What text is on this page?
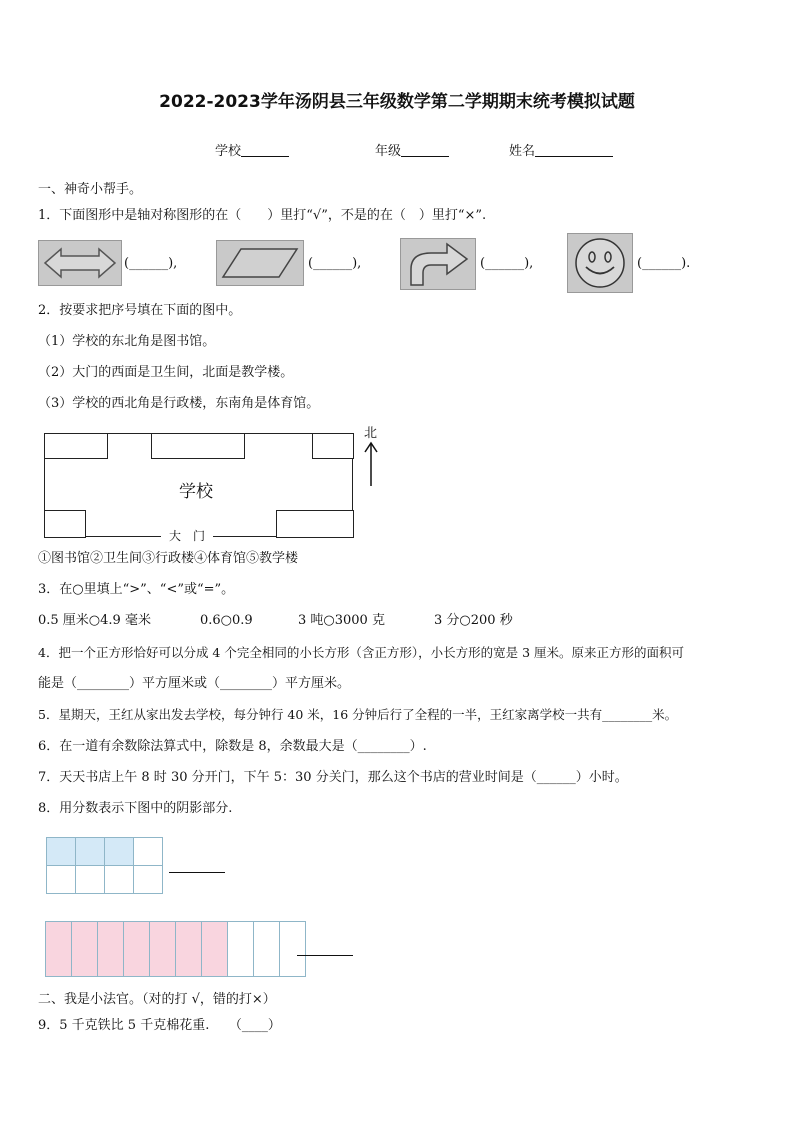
2022-2023学年汤阴县三年级数学第二学期期末统考模拟试题
学校	年级	姓名
一、神奇小帮手。
1．下面图形中是轴对称图形的在（　　）里打“√”，不是的在（　）里打“×”.
(______),	(______),	(______),	(______).
2．按要求把序号填在下面的图中。
（1）学校的东北角是图书馆。
（2）大门的西面是卫生间，北面是教学楼。
（3）学校的西北角是行政楼，东南角是体育馆。
学校
大　门
北
①图书馆②卫生间③行政楼④体育馆⑤教学楼
3．在○里填上“>”、“<”或“=”。
0.5 厘米○4.9 毫米	0.6○0.9	3 吨○3000 克	3 分○200 秒
4．把一个正方形恰好可以分成 4 个完全相同的小长方形（含正方形），小长方形的宽是 3 厘米。原来正方形的面积可
能是（________）平方厘米或（________）平方厘米。
5．星期天，王红从家出发去学校，每分钟行 40 米，16 分钟后行了全程的一半，王红家离学校一共有________米。
6．在一道有余数除法算式中，除数是 8，余数最大是（________）.
7．天天书店上午 8 时 30 分开门，下午 5：30 分关门，那么这个书店的营业时间是（______）小时。
8．用分数表示下图中的阴影部分.

二、我是小法官。（对的打 √，错的打×）
9．5 千克铁比 5 千克棉花重.　　（____）
